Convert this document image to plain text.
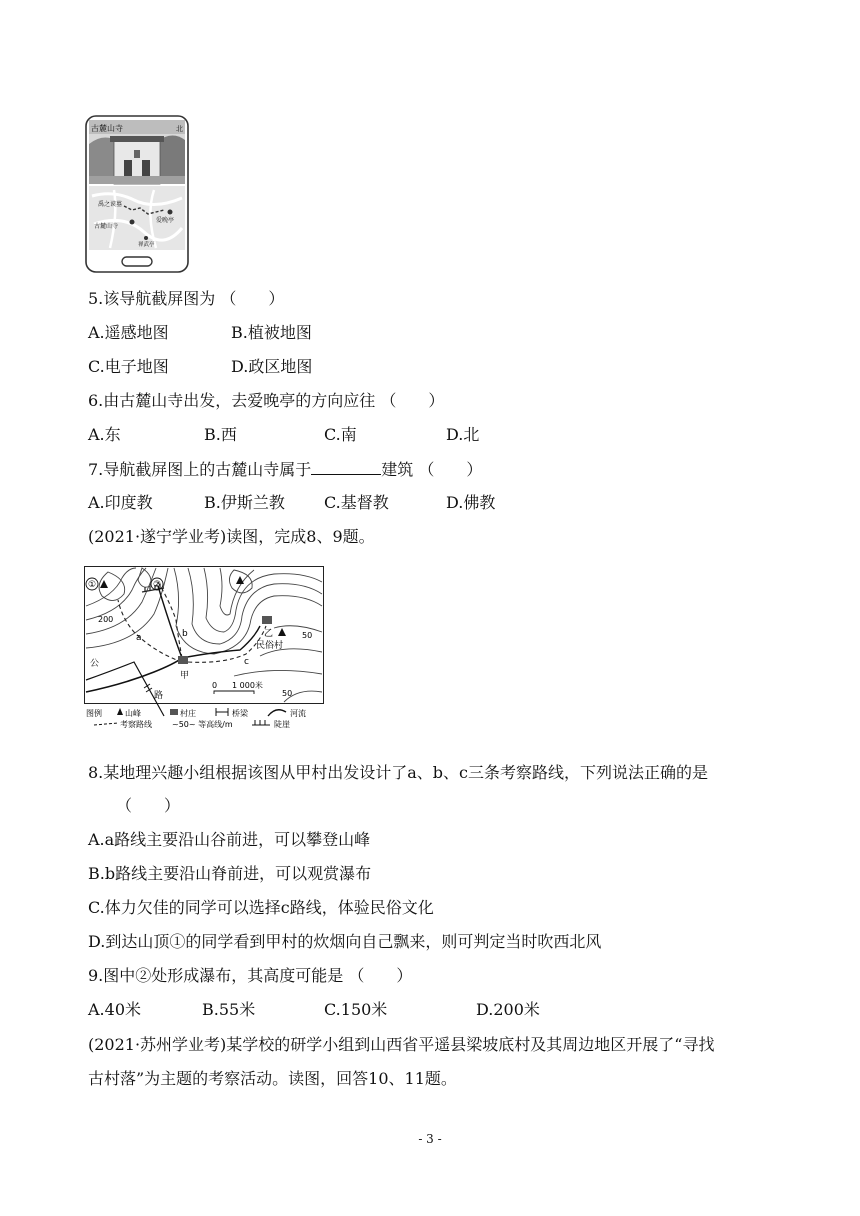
古麓山寺	北
禹之谟墓
古麓山寺
爱晚亭
禅武亭
5.该导航截屏图为 （　　）
A.遥感地图	B.植被地图
C.电子地图	D.政区地图
6.由古麓山寺出发，去爱晚亭的方向应往 （　　）
A.东	B.西	C.南	D.北
7.导航截屏图上的古麓山寺属于	建筑 （　　）
A.印度教	B.伊斯兰教 C.基督教	D.佛教
(2021·遂宁学业考)读图，完成8、9题。
①	②
200
50
50
a	b
c
甲
乙
民俗村
公
路
0 1 000米
图例	山峰	村庄	桥梁	河流
考察路线	~50~ 等高线/m	陡崖
8.某地理兴趣小组根据该图从甲村出发设计了a、b、c三条考察路线，下列说法正确的是
（　　）
A.a路线主要沿山谷前进，可以攀登山峰
B.b路线主要沿山脊前进，可以观赏瀑布
C.体力欠佳的同学可以选择c路线，体验民俗文化
D.到达山顶①的同学看到甲村的炊烟向自己飘来，则可判定当时吹西北风
9.图中②处形成瀑布，其高度可能是 （　　）
A.40米	B.55米	C.150米	D.200米
(2021·苏州学业考)某学校的研学小组到山西省平遥县梁坡底村及其周边地区开展了“寻找
古村落”为主题的考察活动。读图，回答10、11题。
- 3 -
